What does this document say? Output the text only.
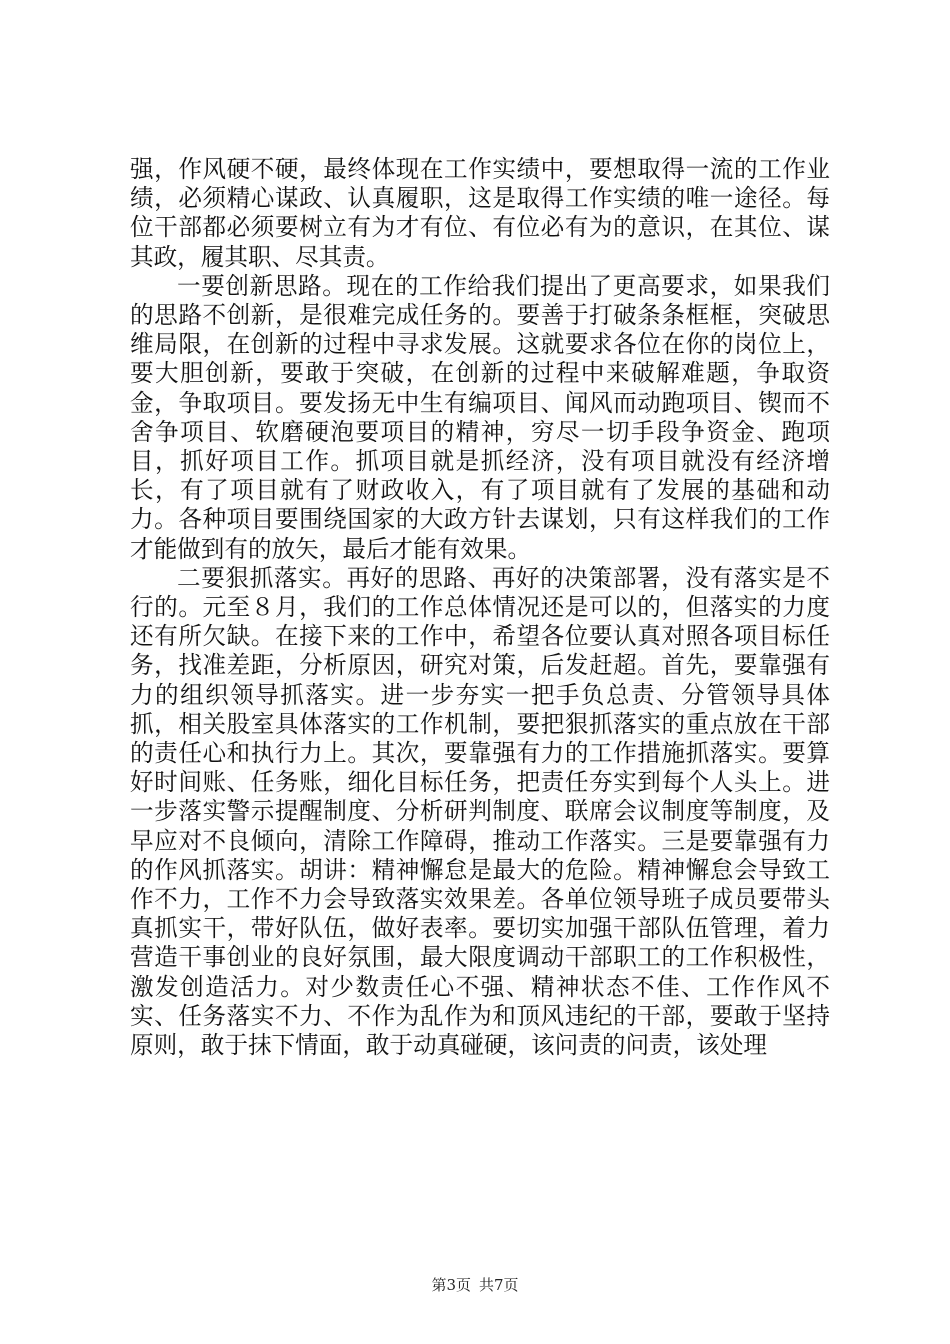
强，作风硬不硬，最终体现在工作实绩中，要想取得一流的工作业绩，必须精心谋政、认真履职，这是取得工作实绩的唯一途径。每位干部都必须要树立有为才有位、有位必有为的意识，在其位、谋其政，履其职、尽其责。

一要创新思路。现在的工作给我们提出了更高要求，如果我们的思路不创新，是很难完成任务的。要善于打破条条框框，突破思维局限，在创新的过程中寻求发展。这就要求各位在你的岗位上，要大胆创新，要敢于突破，在创新的过程中来破解难题，争取资金，争取项目。要发扬无中生有编项目、闻风而动跑项目、锲而不舍争项目、软磨硬泡要项目的精神，穷尽一切手段争资金、跑项目，抓好项目工作。抓项目就是抓经济，没有项目就没有经济增长，有了项目就有了财政收入，有了项目就有了发展的基础和动力。各种项目要围绕国家的大政方针去谋划，只有这样我们的工作才能做到有的放矢，最后才能有效果。

二要狠抓落实。再好的思路、再好的决策部署，没有落实是不行的。元至８月，我们的工作总体情况还是可以的，但落实的力度还有所欠缺。在接下来的工作中，希望各位要认真对照各项目标任务，找准差距，分析原因，研究对策，后发赶超。首先，要靠强有力的组织领导抓落实。进一步夯实一把手负总责、分管领导具体抓，相关股室具体落实的工作机制，要把狠抓落实的重点放在干部的责任心和执行力上。其次，要靠强有力的工作措施抓落实。要算好时间账、任务账，细化目标任务，把责任夯实到每个人头上。进一步落实警示提醒制度、分析研判制度、联席会议制度等制度，及早应对不良倾向，清除工作障碍，推动工作落实。三是要靠强有力的作风抓落实。胡讲：精神懈怠是最大的危险。精神懈怠会导致工作不力，工作不力会导致落实效果差。各单位领导班子成员要带头真抓实干，带好队伍，做好表率。要切实加强干部队伍管理，着力营造干事创业的良好氛围，最大限度调动干部职工的工作积极性，激发创造活力。对少数责任心不强、精神状态不佳、工作作风不实、任务落实不力、不作为乱作为和顶风违纪的干部，要敢于坚持原则，敢于抹下情面，敢于动真碰硬，该问责的问责，该处理

第3页 共7页
